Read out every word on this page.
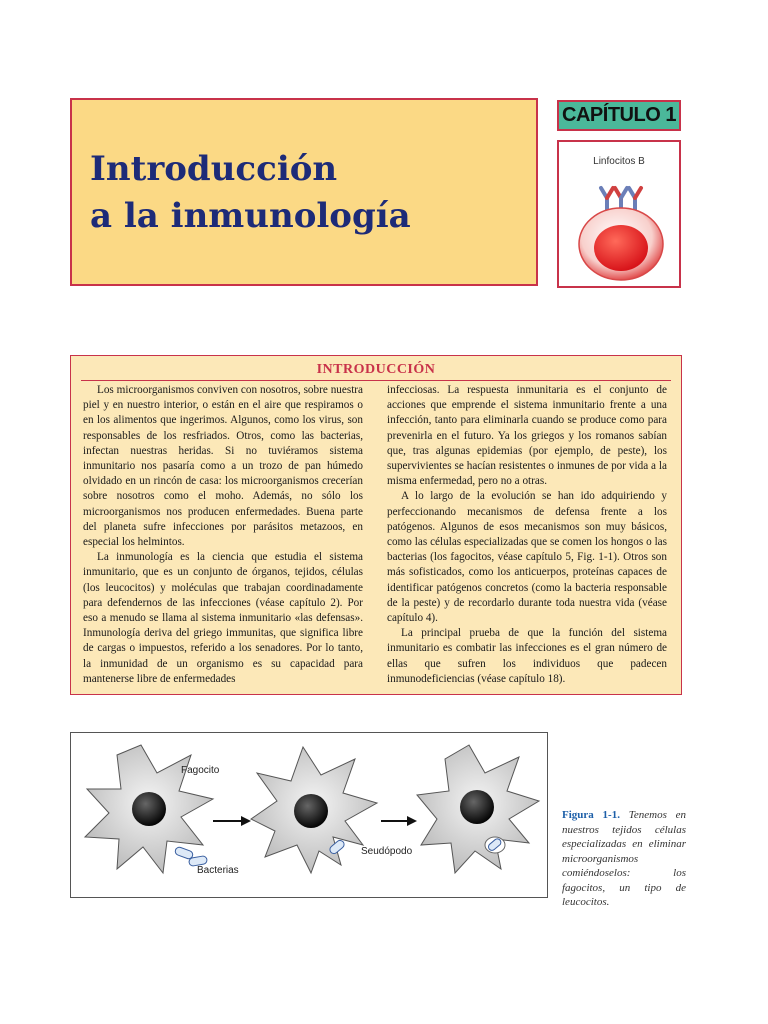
Introducción
a la inmunología
CAPÍTULO 1
Linfocitos B
INTRODUCCIÓN

Los microorganismos conviven con nosotros, sobre nuestra piel y en nuestro interior, o están en el aire que respiramos o en los alimentos que ingerimos. Algunos, como los virus, son responsables de los resfriados. Otros, como las bacterias, infectan nuestras heridas. Si no tuviéramos sistema inmunitario nos pasaría como a un trozo de pan húmedo olvidado en un rincón de casa: los microorganismos crecerían sobre nosotros como el moho. Además, no sólo los microorganismos nos producen enfermedades. Buena parte del planeta sufre infecciones por parásitos metazoos, en especial los helmintos.

La inmunología es la ciencia que estudia el sistema inmunitario, que es un conjunto de órganos, tejidos, células (los leucocitos) y moléculas que trabajan coordinadamente para defendernos de las infecciones (véase capítulo 2). Por eso a menudo se llama al sistema inmunitario «las defensas». Inmunología deriva del griego immunitas, que significa libre de cargas o impuestos, referido a los senadores. Por lo tanto, la inmunidad de un organismo es su capacidad para mantenerse libre de enfermedades

infecciosas. La respuesta inmunitaria es el conjunto de acciones que emprende el sistema inmunitario frente a una infección, tanto para eliminarla cuando se produce como para prevenirla en el futuro. Ya los griegos y los romanos sabían que, tras algunas epidemias (por ejemplo, de peste), los supervivientes se hacían resistentes o inmunes de por vida a la misma enfermedad, pero no a otras.

A lo largo de la evolución se han ido adquiriendo y perfeccionando mecanismos de defensa frente a los patógenos. Algunos de esos mecanismos son muy básicos, como las células especializadas que se comen los hongos o las bacterias (los fagocitos, véase capítulo 5, Fig. 1-1). Otros son más sofisticados, como los anticuerpos, proteínas capaces de identificar patógenos concretos (como la bacteria responsable de la peste) y de recordarlo durante toda nuestra vida (véase capítulo 4).

La principal prueba de que la función del sistema inmunitario es combatir las infecciones es el gran número de ellas que sufren los individuos que padecen inmunodeficiencias (véase capítulo 18).

Fagocito
Bacterias
Seudópodo
Figura 1-1. Tenemos en nuestros tejidos células especializadas en eliminar microorganismos comiéndoselos: los fagocitos, un tipo de leucocitos.
